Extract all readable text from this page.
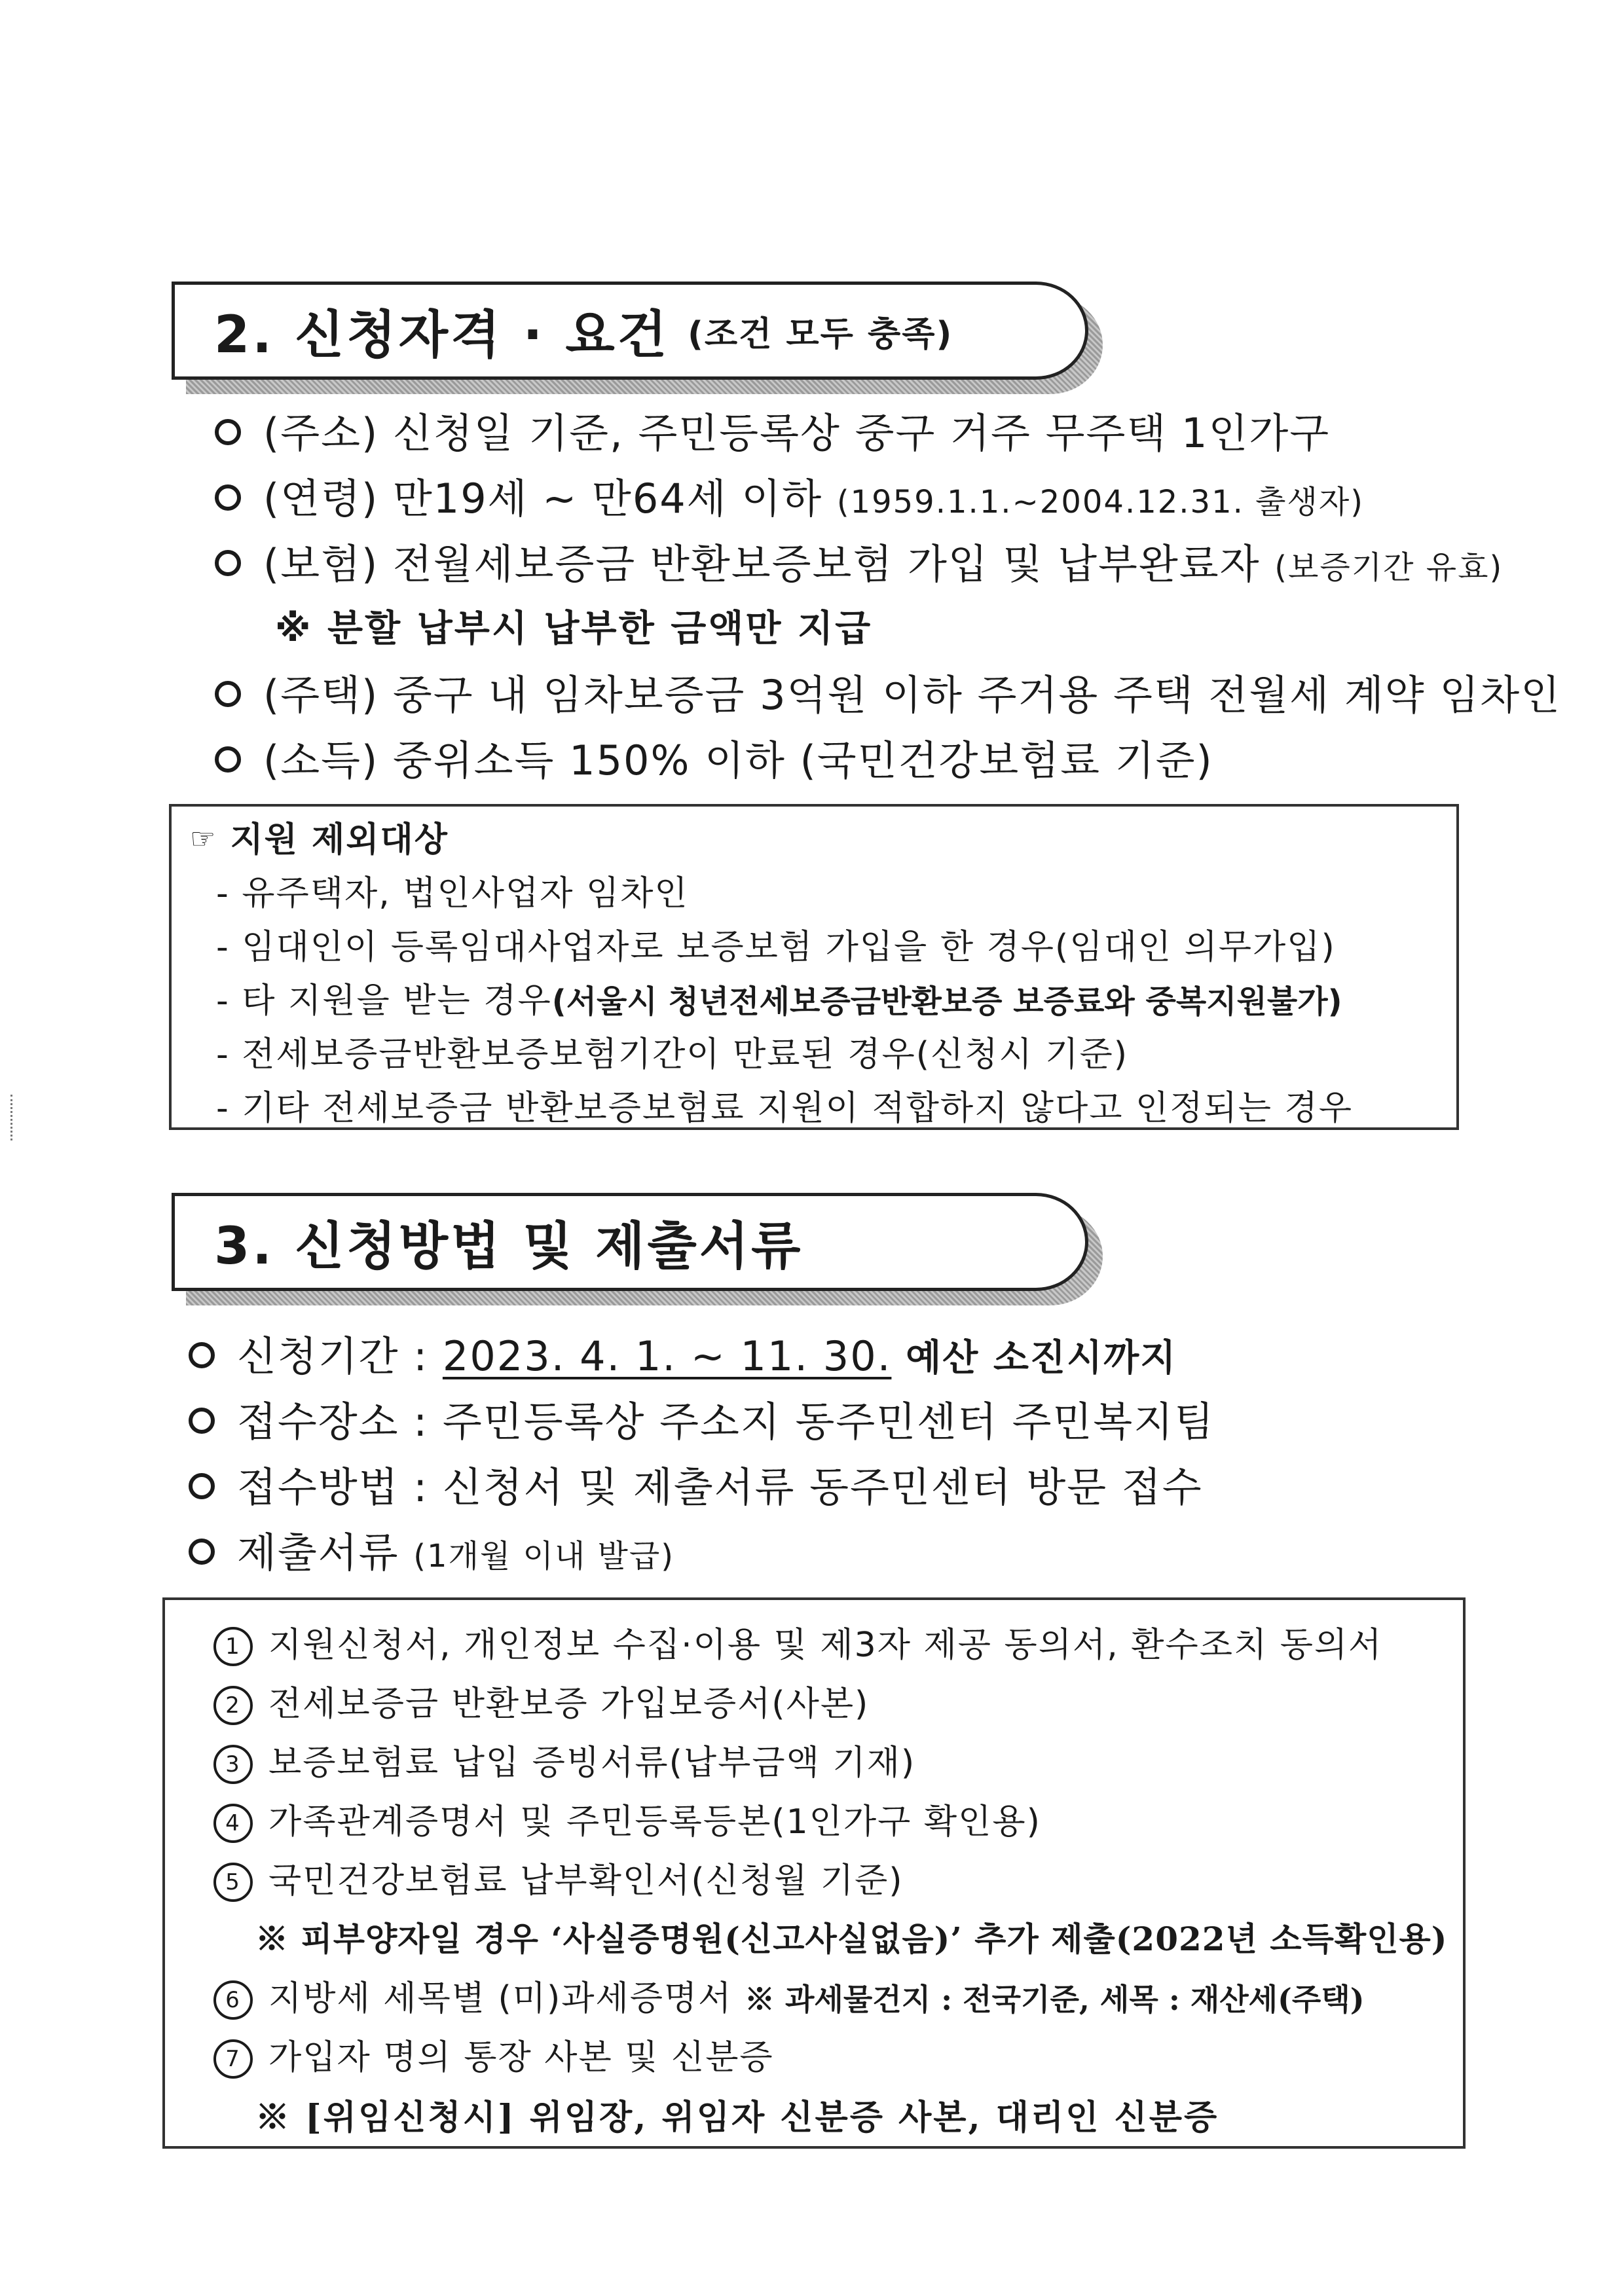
2. 신청자격 · 요건 (조건 모두 충족)
(주소) 신청일 기준, 주민등록상 중구 거주 무주택 1인가구
(연령) 만19세 ~ 만64세 이하 (1959.1.1.~2004.12.31. 출생자)
(보험) 전월세보증금 반환보증보험 가입 및 납부완료자 (보증기간 유효)
※ 분할 납부시 납부한 금액만 지급
(주택) 중구 내 임차보증금 3억원 이하 주거용 주택 전월세 계약 임차인
(소득) 중위소득 150% 이하 (국민건강보험료 기준)
☞ 지원 제외대상
- 유주택자, 법인사업자 임차인
- 임대인이 등록임대사업자로 보증보험 가입을 한 경우(임대인 의무가입)
- 타 지원을 받는 경우(서울시 청년전세보증금반환보증 보증료와 중복지원불가)
- 전세보증금반환보증보험기간이 만료된 경우(신청시 기준)
- 기타 전세보증금 반환보증보험료 지원이 적합하지 않다고 인정되는 경우
3. 신청방법 및 제출서류
신청기간 : 2023. 4. 1. ~ 11. 30. 예산 소진시까지
접수장소 : 주민등록상 주소지 동주민센터 주민복지팀
접수방법 : 신청서 및 제출서류 동주민센터 방문 접수
제출서류 (1개월 이내 발급)
1 지원신청서, 개인정보 수집·이용 및 제3자 제공 동의서, 환수조치 동의서
2 전세보증금 반환보증 가입보증서(사본)
3 보증보험료 납입 증빙서류(납부금액 기재)
4 가족관계증명서 및 주민등록등본(1인가구 확인용)
5 국민건강보험료 납부확인서(신청월 기준)
※ 피부양자일 경우 ‘사실증명원(신고사실없음)’ 추가 제출(2022년 소득확인용)
6 지방세 세목별 (미)과세증명서 ※ 과세물건지 : 전국기준, 세목 : 재산세(주택)
7 가입자 명의 통장 사본 및 신분증
※ [위임신청시] 위임장, 위임자 신분증 사본, 대리인 신분증
